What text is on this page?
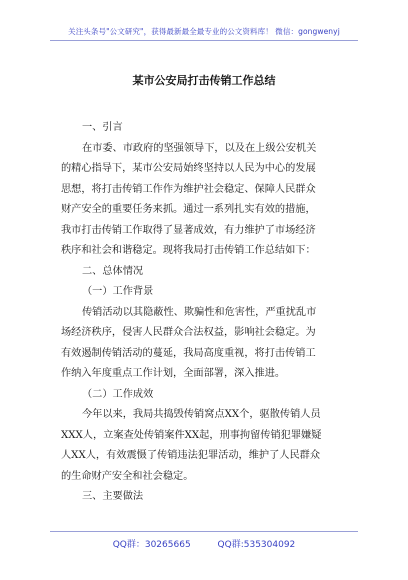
关注头条号"公文研究"，获得最新最全最专业的公文资料库！ 微信：gongwenyj
某市公安局打击传销工作总结
一、引言
在市委、市政府的坚强领导下，以及在上级公安机关
的精心指导下，某市公安局始终坚持以人民为中心的发展
思想，将打击传销工作作为维护社会稳定、保障人民群众
财产安全的重要任务来抓。通过一系列扎实有效的措施，
我市打击传销工作取得了显著成效，有力维护了市场经济
秩序和社会和谐稳定。现将我局打击传销工作总结如下：
二、总体情况
（一）工作背景
传销活动以其隐蔽性、欺骗性和危害性，严重扰乱市
场经济秩序，侵害人民群众合法权益，影响社会稳定。为
有效遏制传销活动的蔓延，我局高度重视，将打击传销工
作纳入年度重点工作计划，全面部署，深入推进。
（二）工作成效
今年以来，我局共捣毁传销窝点XX个，驱散传销人员
XXX人，立案查处传销案件XX起，刑事拘留传销犯罪嫌疑
人XX人，有效震慑了传销违法犯罪活动，维护了人民群众
的生命财产安全和社会稳定。
三、主要做法
QQ群：30265665	QQ群:535304092
